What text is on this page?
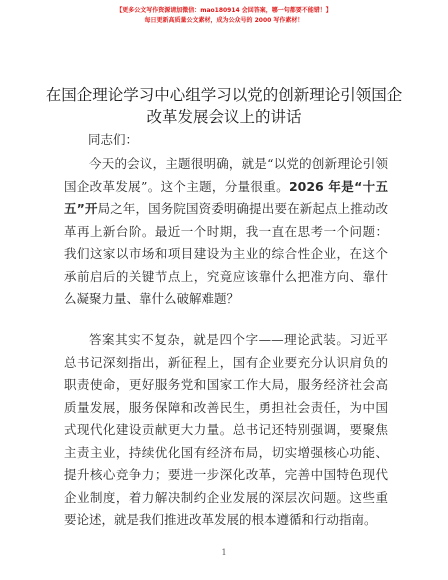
【更多公文写作资源请加微信：mao180914 会回答案，哪一句都要不能错！】
每日更新高质量公文素材，成为公众号的 2000 写作素材！
在国企理论学习中心组学习以党的创新理论引领国企改革发展会议上的讲话
同志们：

今天的会议，主题很明确，就是“以党的创新理论引领国企改革发展”。这个主题，分量很重。2026 年是“十五五”开局之年，国务院国资委明确提出要在新起点上推动改革再上新台阶。最近一个时期，我一直在思考一个问题：我们这家以市场和项目建设为主业的综合性企业，在这个承前启后的关键节点上，究竟应该靠什么把准方向、靠什么凝聚力量、靠什么破解难题？

答案其实不复杂，就是四个字——理论武装。习近平总书记深刻指出，新征程上，国有企业要充分认识肩负的职责使命，更好服务党和国家工作大局，服务经济社会高质量发展，服务保障和改善民生，勇担社会责任，为中国式现代化建设贡献更大力量。总书记还特别强调，要聚焦主责主业，持续优化国有经济布局，切实增强核心功能、提升核心竞争力；要进一步深化改革，完善中国特色现代企业制度，着力解决制约企业发展的深层次问题。这些重要论述，就是我们推进改革发展的根本遵循和行动指南。

1
